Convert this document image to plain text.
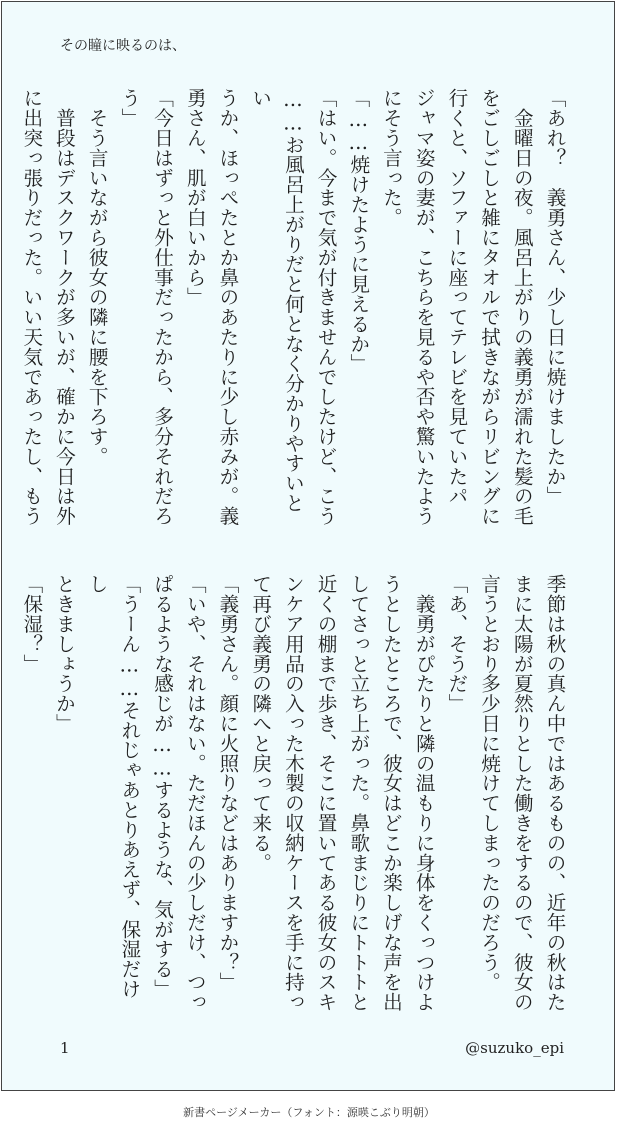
その瞳に映るのは、

「あれ？　義勇さん、少し日に焼けましたか」

　金曜日の夜。風呂上がりの義勇が濡れた髪の毛

をごしごしと雑にタオルで拭きながらリビングに

行くと、ソファーに座ってテレビを見ていたパ

ジャマ姿の妻が、こちらを見るや否や驚いたよう

にそう言った。

「……焼けたように見えるか」

「はい。今まで気が付きませんでしたけど、こう

……お風呂上がりだと何となく分かりやすいとい

うか、ほっぺたとか鼻のあたりに少し赤みが。義

勇さん、肌が白いから」

「今日はずっと外仕事だったから、多分それだろ

う」

　そう言いながら彼女の隣に腰を下ろす。

　普段はデスクワークが多いが、確かに今日は外

に出突っ張りだった。いい天気であったし、もう

季節は秋の真ん中ではあるものの、近年の秋はた

まに太陽が夏然りとした働きをするので、彼女の

言うとおり多少日に焼けてしまったのだろう。

「あ、そうだ」

　義勇がぴたりと隣の温もりに身体をくっつけよ

うとしたところで、彼女はどこか楽しげな声を出

してさっと立ち上がった。鼻歌まじりにトトトと

近くの棚まで歩き、そこに置いてある彼女のスキ

ンケア用品の入った木製の収納ケースを手に持っ

て再び義勇の隣へと戻って来る。

「義勇さん。顔に火照りなどはありますか？」

「いや、それはない。ただほんの少しだけ、つっ

ぱるような感じが……するような、気がする」

「うーん……それじゃあとりあえず、保湿だけし

ときましょうか」

「保湿？」

1	@suzuko_epi
新書ページメーカー（フォント：源暎こぶり明朝）
